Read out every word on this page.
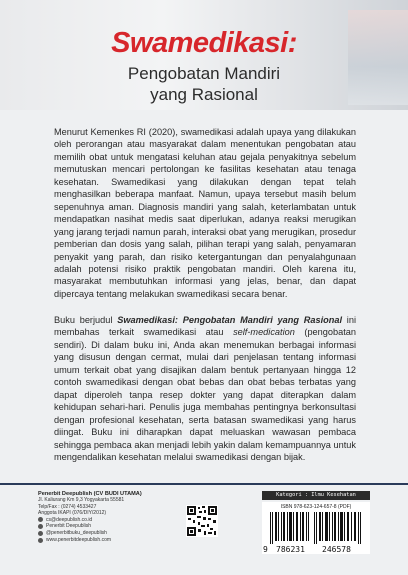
Swamedikasi:
Pengobatan Mandiri
yang Rasional
Menurut Kemenkes RI (2020), swamedikasi adalah upaya yang dilakukan oleh perorangan atau masyarakat dalam menentukan pengobatan atau memilih obat untuk mengatasi keluhan atau gejala penyakitnya sebelum memutuskan mencari pertolongan ke fasilitas kesehatan atau tenaga kesehatan. Swamedikasi yang dilakukan dengan tepat telah menghasilkan beberapa manfaat. Namun, upaya tersebut masih belum sepenuhnya aman. Diagnosis mandiri yang salah, keterlambatan untuk mendapatkan nasihat medis saat diperlukan, adanya reaksi merugikan yang jarang terjadi namun parah, interaksi obat yang merugikan, prosedur pemberian dan dosis yang salah, pilihan terapi yang salah, penyamaran penyakit yang parah, dan risiko ketergantungan dan penyalahgunaan adalah potensi risiko praktik pengobatan mandiri. Oleh karena itu, masyarakat membutuhkan informasi yang jelas, benar, dan dapat dipercaya tentang melakukan swamedikasi secara benar.
Buku berjudul Swamedikasi: Pengobatan Mandiri yang Rasional ini membahas terkait swamedikasi atau self-medication (pengobatan sendiri). Di dalam buku ini, Anda akan menemukan berbagai informasi yang disusun dengan cermat, mulai dari penjelasan tentang informasi umum terkait obat yang disajikan dalam bentuk pertanyaan hingga 12 contoh swamedikasi dengan obat bebas dan obat bebas terbatas yang dapat diperoleh tanpa resep dokter yang dapat diterapkan dalam kehidupan sehari-hari. Penulis juga membahas pentingnya berkonsultasi dengan profesional kesehatan, serta batasan swamedikasi yang harus diingat. Buku ini diharapkan dapat meluaskan wawasan pembaca sehingga pembaca akan menjadi lebih yakin dalam kemampuannya untuk mengendalikan kesehatan melalui swamedikasi dengan bijak.
Penerbit Deepublish (CV BUDI UTAMA)
Jl. Kaliurang Km 9,3 Yogyakarta 55581
Telp/Fax : (0274) 4533427
Anggota IKAPI (076/DIY/2012)
cs@deepublish.co.id
Penerbit Deepublish
@penerbitbuku_deepublish
www.penerbitdeepublish.com
Kategori : Ilmu Kesehatan
ISBN 978-623-124-657-8 (PDF)
9 786231 246578
